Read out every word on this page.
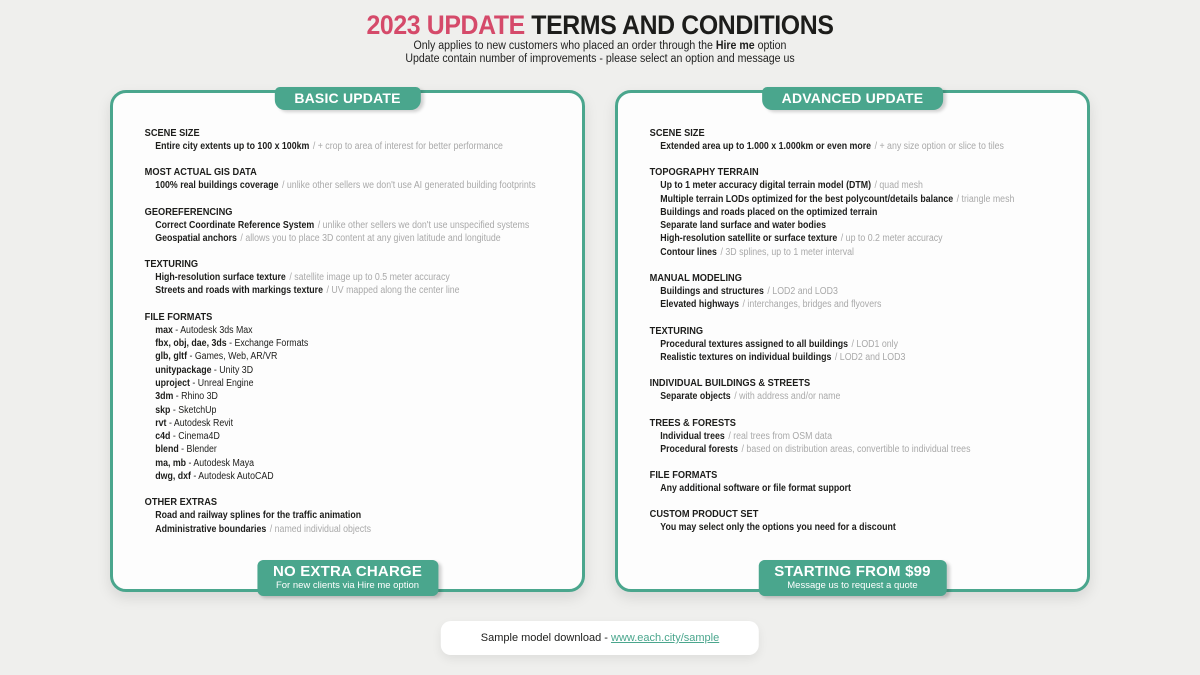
2023 UPDATE TERMS AND CONDITIONS
Only applies to new customers who placed an order through the Hire me option
Update contain number of improvements - please select an option and message us
BASIC UPDATE
SCENE SIZE
Entire city extents up to 100 x 100km / + crop to area of interest for better performance
MOST ACTUAL GIS DATA
100% real buildings coverage / unlike other sellers we don't use AI generated building footprints
GEOREFERENCING
Correct Coordinate Reference System / unlike other sellers we don't use unspecified systems
Geospatial anchors / allows you to place 3D content at any given latitude and longitude
TEXTURING
High-resolution surface texture / satellite image up to 0.5 meter accuracy
Streets and roads with markings texture / UV mapped along the center line
FILE FORMATS
max - Autodesk 3ds Max
fbx, obj, dae, 3ds - Exchange Formats
glb, gltf - Games, Web, AR/VR
unitypackage - Unity 3D
uproject - Unreal Engine
3dm - Rhino 3D
skp - SketchUp
rvt - Autodesk Revit
c4d - Cinema4D
blend - Blender
ma, mb - Autodesk Maya
dwg, dxf - Autodesk AutoCAD
OTHER EXTRAS
Road and railway splines for the traffic animation
Administrative boundaries / named individual objects
NO EXTRA CHARGE
For new clients via Hire me option
ADVANCED UPDATE
SCENE SIZE
Extended area up to 1.000 x 1.000km or even more / + any size option or slice to tiles
TOPOGRAPHY TERRAIN
Up to 1 meter accuracy digital terrain model (DTM) / quad mesh
Multiple terrain LODs optimized for the best polycount/details balance / triangle mesh
Buildings and roads placed on the optimized terrain
Separate land surface and water bodies
High-resolution satellite or surface texture / up to 0.2 meter accuracy
Contour lines / 3D splines, up to 1 meter interval
MANUAL MODELING
Buildings and structures / LOD2 and LOD3
Elevated highways / interchanges, bridges and flyovers
TEXTURING
Procedural textures assigned to all buildings / LOD1 only
Realistic textures on individual buildings / LOD2 and LOD3
INDIVIDUAL BUILDINGS & STREETS
Separate objects / with address and/or name
TREES & FORESTS
Individual trees / real trees from OSM data
Procedural forests / based on distribution areas, convertible to individual trees
FILE FORMATS
Any additional software or file format support
CUSTOM PRODUCT SET
You may select only the options you need for a discount
STARTING FROM $99
Message us to request a quote
Sample model download - www.each.city/sample
